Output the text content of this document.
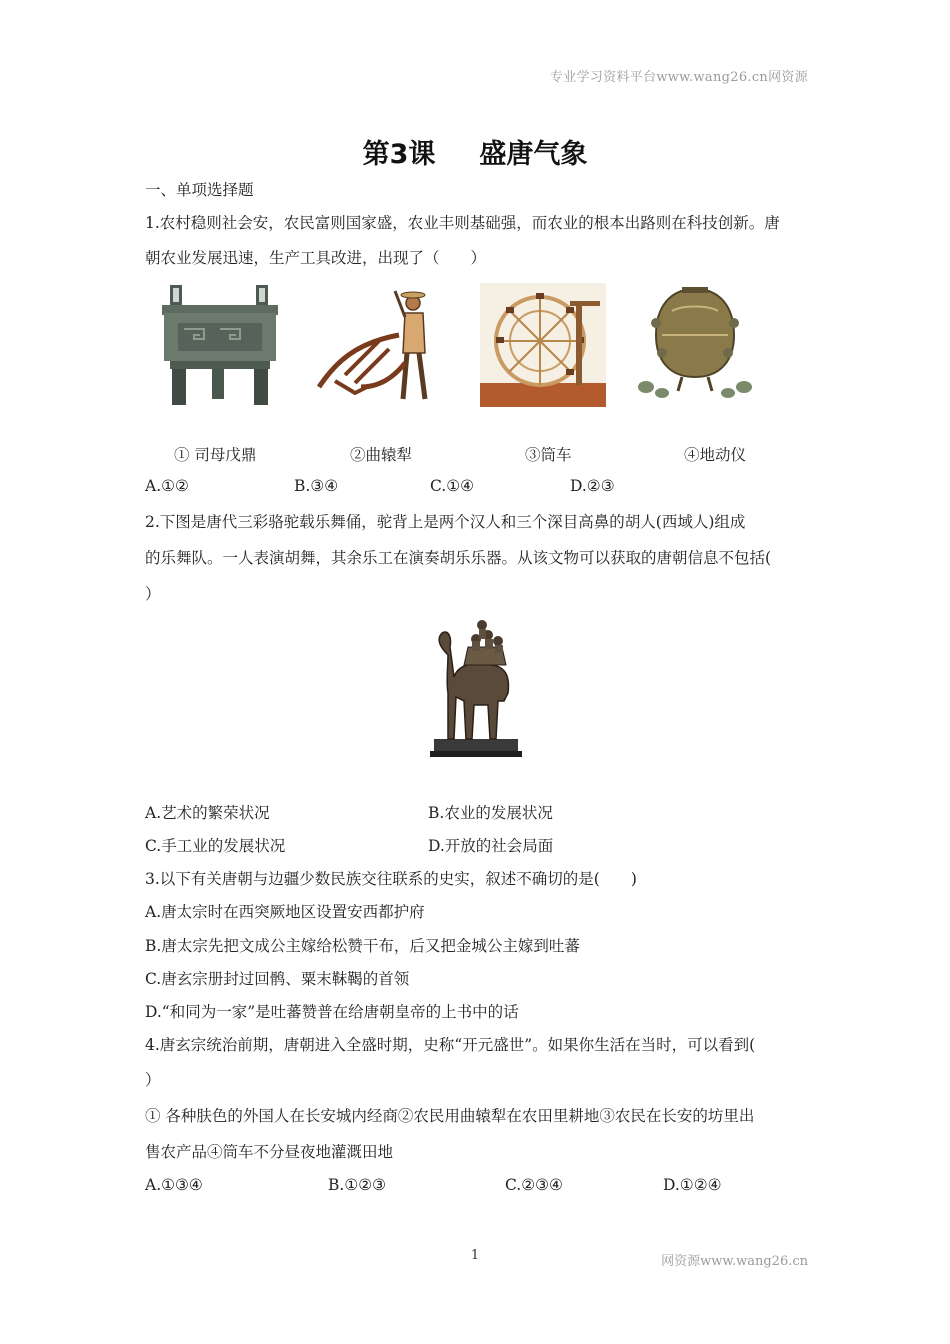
专业学习资料平台www.wang26.cn网资源
第3课 盛唐气象
一、单项选择题
1.农村稳则社会安，农民富则国家盛，农业丰则基础强，而农业的根本出路则在科技创新。唐
朝农业发展迅速，生产工具改进，出现了（　　）
① 司母戊鼎	②曲辕犁	③筒车	④地动仪
A.①②	B.③④	C.①④	D.②③
2.下图是唐代三彩骆驼载乐舞俑，驼背上是两个汉人和三个深目高鼻的胡人(西域人)组成
的乐舞队。一人表演胡舞，其余乐工在演奏胡乐乐器。从该文物可以获取的唐朝信息不包括(
）
A.艺术的繁荣状况	B.农业的发展状况
C.手工业的发展状况	D.开放的社会局面
3.以下有关唐朝与边疆少数民族交往联系的史实，叙述不确切的是(　　)
A.唐太宗时在西突厥地区设置安西都护府
B.唐太宗先把文成公主嫁给松赞干布，后又把金城公主嫁到吐蕃
C.唐玄宗册封过回鹘、粟末靺鞨的首领
D.“和同为一家”是吐蕃赞普在给唐朝皇帝的上书中的话
4.唐玄宗统治前期，唐朝进入全盛时期，史称“开元盛世”。如果你生活在当时，可以看到(
）
① 各种肤色的外国人在长安城内经商②农民用曲辕犁在农田里耕地③农民在长安的坊里出
售农产品④筒车不分昼夜地灌溉田地
A.①③④	B.①②③	C.②③④	D.①②④
1	网资源www.wang26.cn
